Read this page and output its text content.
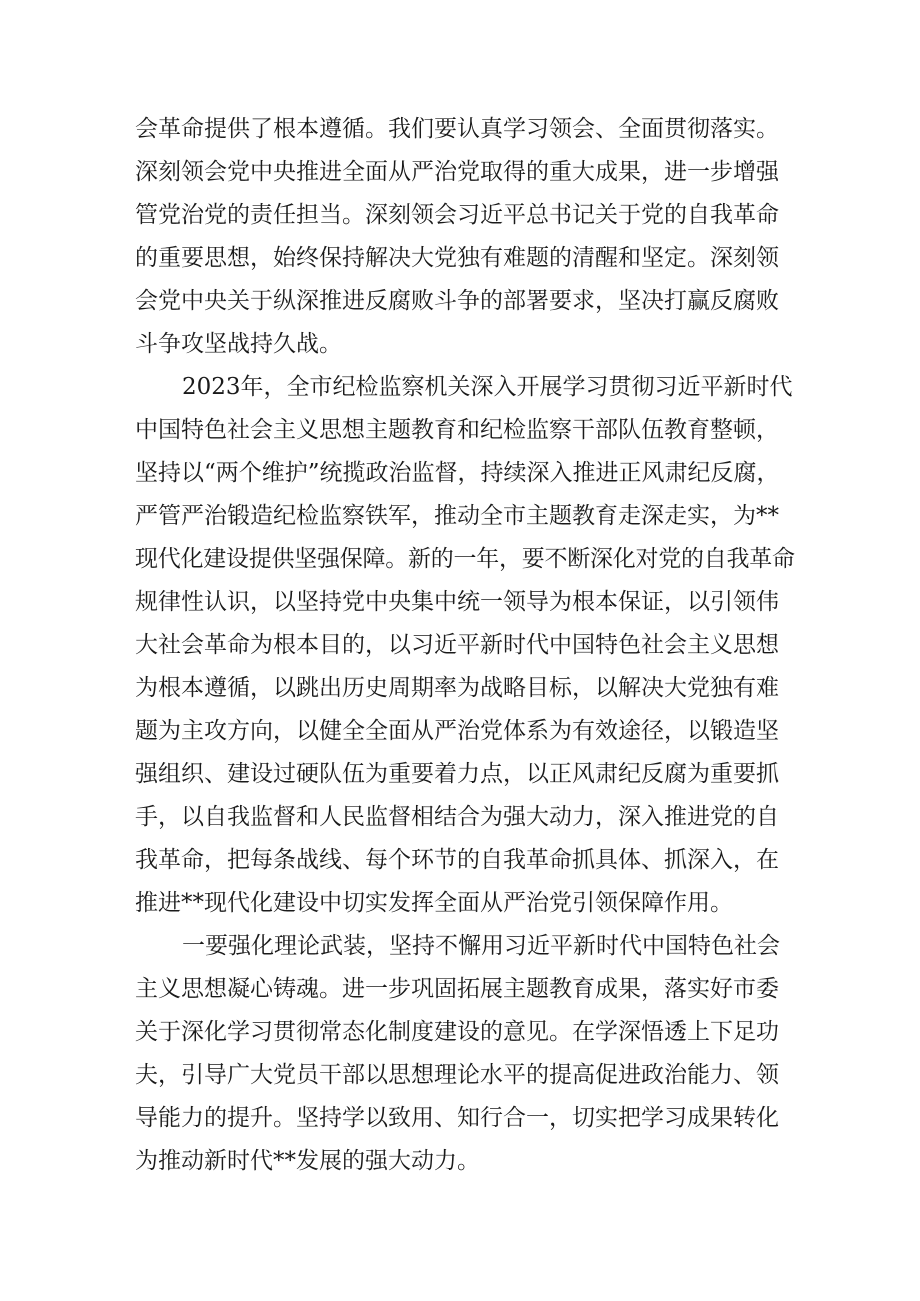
会革命提供了根本遵循。我们要认真学习领会、全面贯彻落实。
深刻领会党中央推进全面从严治党取得的重大成果，进一步增强
管党治党的责任担当。深刻领会习近平总书记关于党的自我革命
的重要思想，始终保持解决大党独有难题的清醒和坚定。深刻领
会党中央关于纵深推进反腐败斗争的部署要求，坚决打赢反腐败
斗争攻坚战持久战。
2023年，全市纪检监察机关深入开展学习贯彻习近平新时代
中国特色社会主义思想主题教育和纪检监察干部队伍教育整顿，
坚持以“两个维护”统揽政治监督，持续深入推进正风肃纪反腐，
严管严治锻造纪检监察铁军，推动全市主题教育走深走实，为**
现代化建设提供坚强保障。新的一年，要不断深化对党的自我革命
规律性认识，以坚持党中央集中统一领导为根本保证，以引领伟
大社会革命为根本目的，以习近平新时代中国特色社会主义思想
为根本遵循，以跳出历史周期率为战略目标，以解决大党独有难
题为主攻方向，以健全全面从严治党体系为有效途径，以锻造坚
强组织、建设过硬队伍为重要着力点，以正风肃纪反腐为重要抓
手，以自我监督和人民监督相结合为强大动力，深入推进党的自
我革命，把每条战线、每个环节的自我革命抓具体、抓深入，在
推进**现代化建设中切实发挥全面从严治党引领保障作用。
一要强化理论武装，坚持不懈用习近平新时代中国特色社会
主义思想凝心铸魂。进一步巩固拓展主题教育成果，落实好市委
关于深化学习贯彻常态化制度建设的意见。在学深悟透上下足功
夫，引导广大党员干部以思想理论水平的提高促进政治能力、领
导能力的提升。坚持学以致用、知行合一，切实把学习成果转化
为推动新时代**发展的强大动力。
